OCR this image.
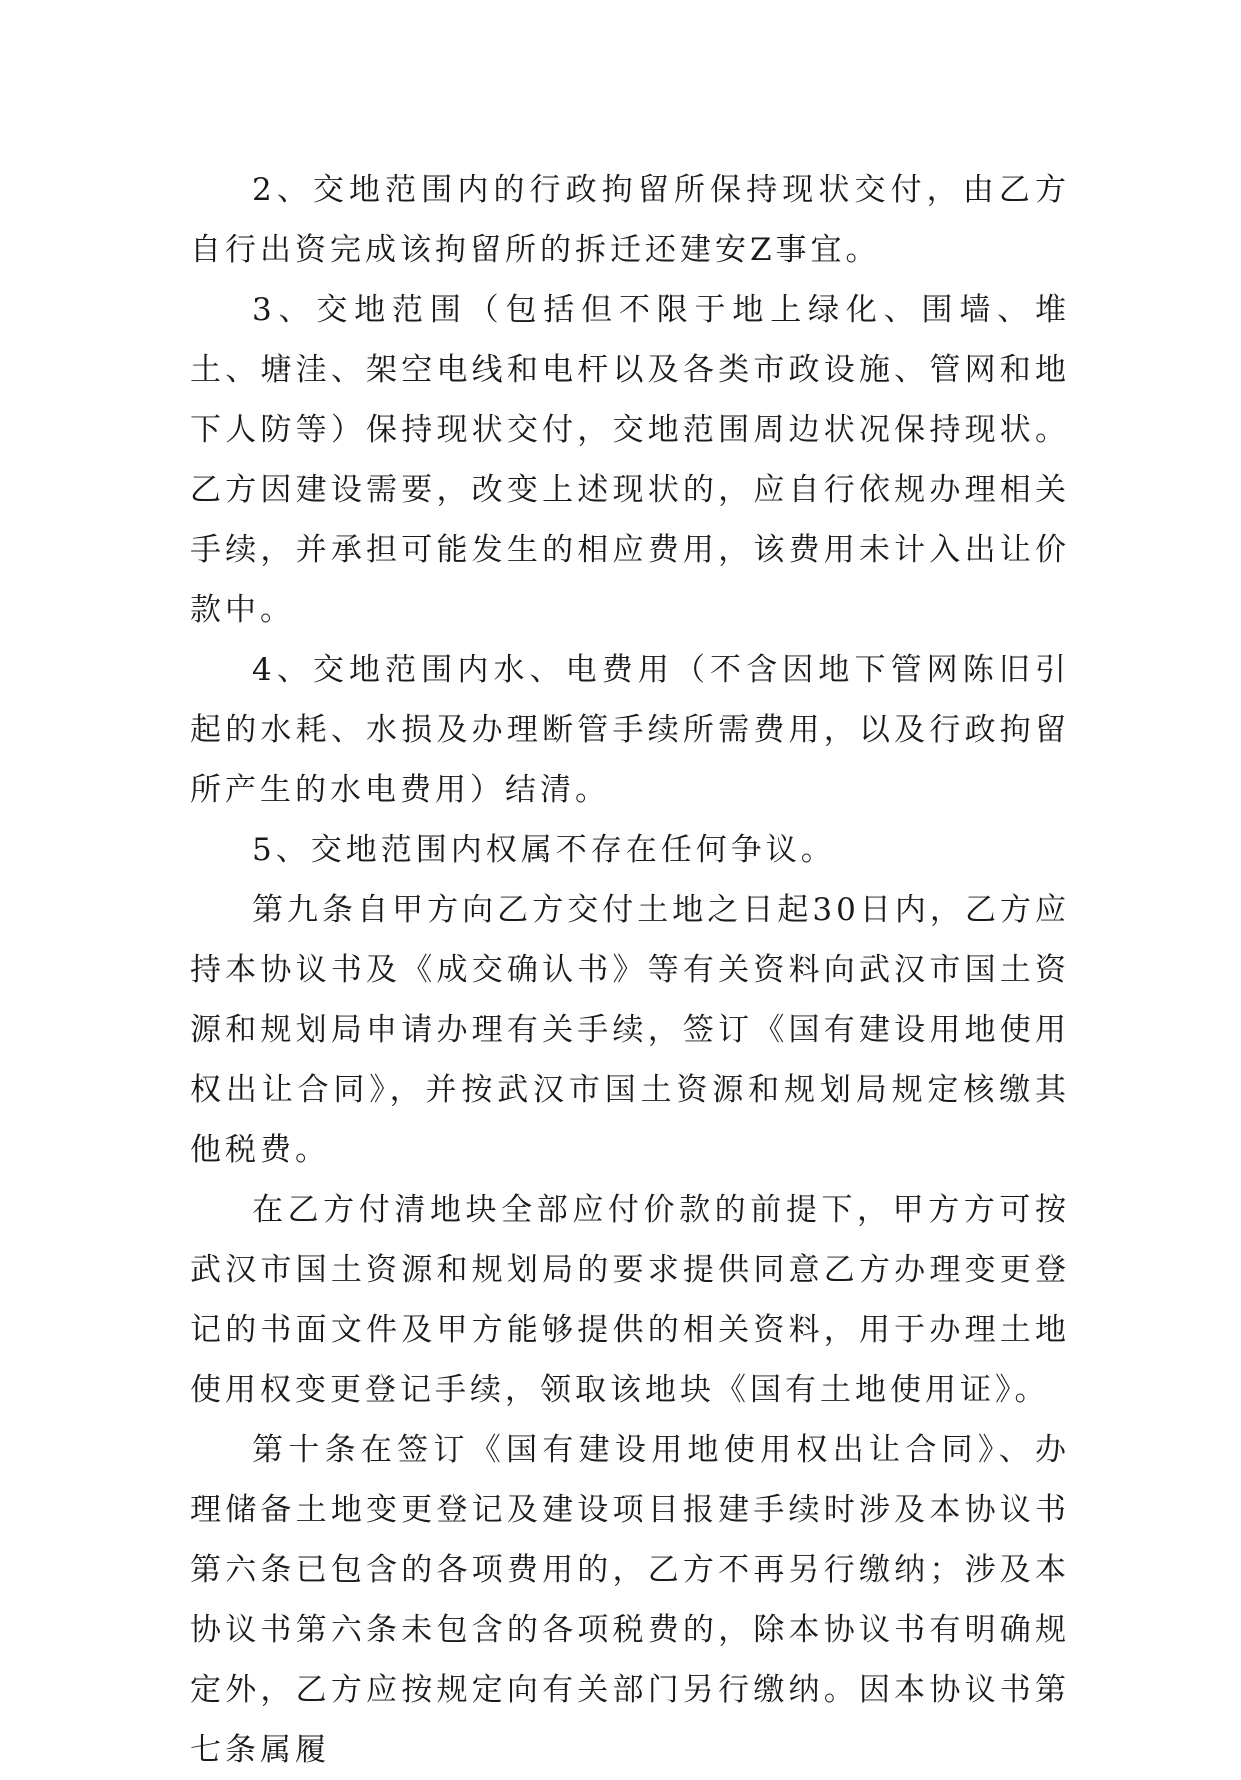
2、交地范围内的行政拘留所保持现状交付，由乙方自行出资完成该拘留所的拆迁还建安Z事宜。

3、交地范围（包括但不限于地上绿化、围墙、堆土、塘洼、架空电线和电杆以及各类市政设施、管网和地下人防等）保持现状交付，交地范围周边状况保持现状。乙方因建设需要，改变上述现状的，应自行依规办理相关手续，并承担可能发生的相应费用，该费用未计入出让价款中。

4、交地范围内水、电费用（不含因地下管网陈旧引起的水耗、水损及办理断管手续所需费用，以及行政拘留所产生的水电费用）结清。

5、交地范围内权属不存在任何争议。

第九条自甲方向乙方交付土地之日起30日内，乙方应持本协议书及《成交确认书》等有关资料向武汉市国土资源和规划局申请办理有关手续，签订《国有建设用地使用权出让合同》，并按武汉市国土资源和规划局规定核缴其他税费。

在乙方付清地块全部应付价款的前提下，甲方方可按武汉市国土资源和规划局的要求提供同意乙方办理变更登记的书面文件及甲方能够提供的相关资料，用于办理土地使用权变更登记手续，领取该地块《国有土地使用证》。

第十条在签订《国有建设用地使用权出让合同》、办理储备土地变更登记及建设项目报建手续时涉及本协议书第六条已包含的各项费用的，乙方不再另行缴纳；涉及本协议书第六条未包含的各项税费的，除本协议书有明确规定外，乙方应按规定向有关部门另行缴纳。因本协议书第七条属履
